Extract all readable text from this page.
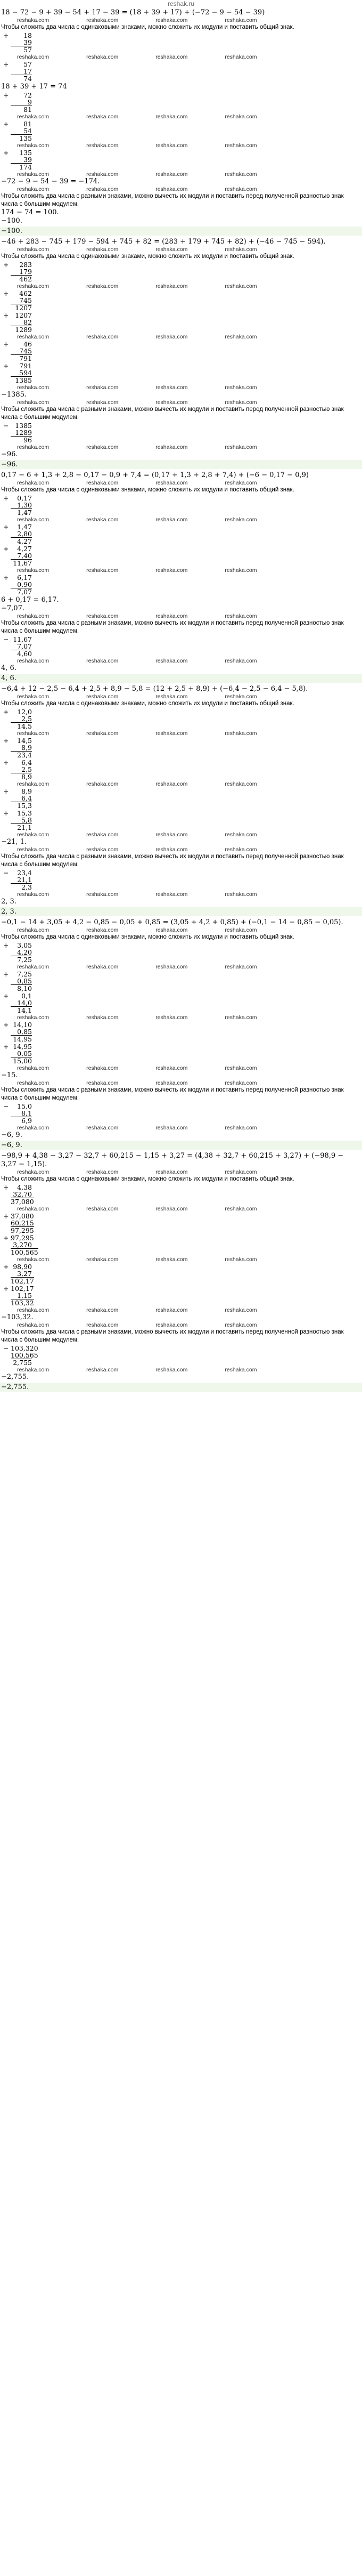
reshak.ru
18 − 72 − 9 + 39 − 54 + 17 − 39 = (18 + 39 + 17) + (−72 − 9 − 54 − 39)
reshaka.com	reshaka.com	reshaka.com	reshaka.com
Чтобы сложить два числа с одинаковыми знаками, можно сложить их модули и поставить общий знак.
+	18
39
57
reshaka.com	reshaka.com	reshaka.com	reshaka.com
+	57
17
74
18 + 39 + 17 = 74
+	72
9
81
reshaka.com	reshaka.com	reshaka.com	reshaka.com
+	81
54
135
reshaka.com	reshaka.com	reshaka.com	reshaka.com
+	135
39
174
reshaka.com	reshaka.com	reshaka.com	reshaka.com
−72 − 9 − 54 − 39 = −174.
reshaka.com	reshaka.com	reshaka.com	reshaka.com
Чтобы сложить два числа с разными знаками, можно вычесть их модули и поставить перед полученной разностью знак числа с большим модулем.
174 − 74 = 100.
−100.
−100.
−46 + 283 − 745 + 179 − 594 + 745 + 82 = (283 + 179 + 745 + 82) + (−46 − 745 − 594).
reshaka.com	reshaka.com	reshaka.com	reshaka.com
Чтобы сложить два числа с одинаковыми знаками, можно сложить их модули и поставить общий знак.
+	283
179
462
reshaka.com	reshaka.com	reshaka.com	reshaka.com
+	462
745
1207
+ 1207
82
1289
reshaka.com	reshaka.com	reshaka.com	reshaka.com
+	46
745
791
+	791
594
1385
reshaka.com	reshaka.com	reshaka.com	reshaka.com
−1385.
reshaka.com	reshaka.com	reshaka.com	reshaka.com
Чтобы сложить два числа с разными знаками, можно вычесть их модули и поставить перед полученной разностью знак числа с большим модулем.
− 1385
1289
96
reshaka.com	reshaka.com	reshaka.com	reshaka.com
−96.
−96.
0,17 − 6 + 1,3 + 2,8 − 0,17 − 0,9 + 7,4 = (0,17 + 1,3 + 2,8 + 7,4) + (−6 − 0,17 − 0,9)
reshaka.com	reshaka.com	reshaka.com	reshaka.com
Чтобы сложить два числа с одинаковыми знаками, можно сложить их модули и поставить общий знак.
+	0,17
1,30
1,47
reshaka.com	reshaka.com	reshaka.com	reshaka.com
+	1,47
2,80
4,27
+	4,27
7,40
11,67
reshaka.com	reshaka.com	reshaka.com	reshaka.com
+	6,17
0,90
7,07
6 + 0,17 = 6,17.
−7,07.
reshaka.com	reshaka.com	reshaka.com	reshaka.com
Чтобы сложить два числа с разными знаками, можно вычесть их модули и поставить перед полученной разностью знак числа с большим модулем.
− 11,67
7,07
4,60
reshaka.com	reshaka.com	reshaka.com	reshaka.com
4, 6.
4, 6.
−6,4 + 12 − 2,5 − 6,4 + 2,5 + 8,9 − 5,8 = (12 + 2,5 + 8,9) + (−6,4 − 2,5 − 6,4 − 5,8).
reshaka.com	reshaka.com	reshaka.com	reshaka.com
Чтобы сложить два числа с одинаковыми знаками, можно сложить их модули и поставить общий знак.
+	12,0
2,5
14,5
reshaka.com	reshaka.com	reshaka.com	reshaka.com
+	14,5
8,9
23,4
+	6,4
2,5
8,9
reshaka.com	reshaka.com	reshaka.com	reshaka.com
+	8,9
6,4
15,3
+	15,3
5,8
21,1
reshaka.com	reshaka.com	reshaka.com	reshaka.com
−21, 1.
reshaka.com	reshaka.com	reshaka.com	reshaka.com
Чтобы сложить два числа с разными знаками, можно вычесть их модули и поставить перед полученной разностью знак числа с большим модулем.
−	23,4
21,1
2,3
reshaka.com	reshaka.com	reshaka.com	reshaka.com
2, 3.
2, 3.
−0,1 − 14 + 3,05 + 4,2 − 0,85 − 0,05 + 0,85 = (3,05 + 4,2 + 0,85) + (−0,1 − 14 − 0,85 − 0,05).
reshaka.com	reshaka.com	reshaka.com	reshaka.com
Чтобы сложить два числа с одинаковыми знаками, можно сложить их модули и поставить общий знак.
+	3,05
4,20
7,25
reshaka.com	reshaka.com	reshaka.com	reshaka.com
+	7,25
0,85
8,10
+	0,1
14,0
14,1
reshaka.com	reshaka.com	reshaka.com	reshaka.com
+ 14,10
0,85
14,95
+ 14,95
0,05
15,00
reshaka.com	reshaka.com	reshaka.com	reshaka.com
−15.
reshaka.com	reshaka.com	reshaka.com	reshaka.com
Чтобы сложить два числа с разными знаками, можно вычесть их модули и поставить перед полученной разностью знак числа с большим модулем.
−	15,0
8,1
6,9
reshaka.com	reshaka.com	reshaka.com	reshaka.com
−6, 9.
−6, 9.
−98,9 + 4,38 − 3,27 − 32,7 + 60,215 − 1,15 + 3,27 = (4,38 + 32,7 + 60,215 + 3,27) + (−98,9 − 3,27 − 1,15).
reshaka.com	reshaka.com	reshaka.com	reshaka.com
Чтобы сложить два числа с одинаковыми знаками, можно сложить их модули и поставить общий знак.
+	4,38
32,70
37,080
reshaka.com	reshaka.com	reshaka.com	reshaka.com
+ 37,080
60,215
97,295
+ 97,295
3,270
100,565
reshaka.com	reshaka.com	reshaka.com	reshaka.com
+ 98,90
3,27
102,17
+ 102,17
1,15
103,32
reshaka.com	reshaka.com	reshaka.com	reshaka.com
−103,32.
reshaka.com	reshaka.com	reshaka.com	reshaka.com
Чтобы сложить два числа с разными знаками, можно вычесть их модули и поставить перед полученной разностью знак числа с большим модулем.
− 103,320
100,565
2,755
reshaka.com	reshaka.com	reshaka.com	reshaka.com
−2,755.
−2,755.
